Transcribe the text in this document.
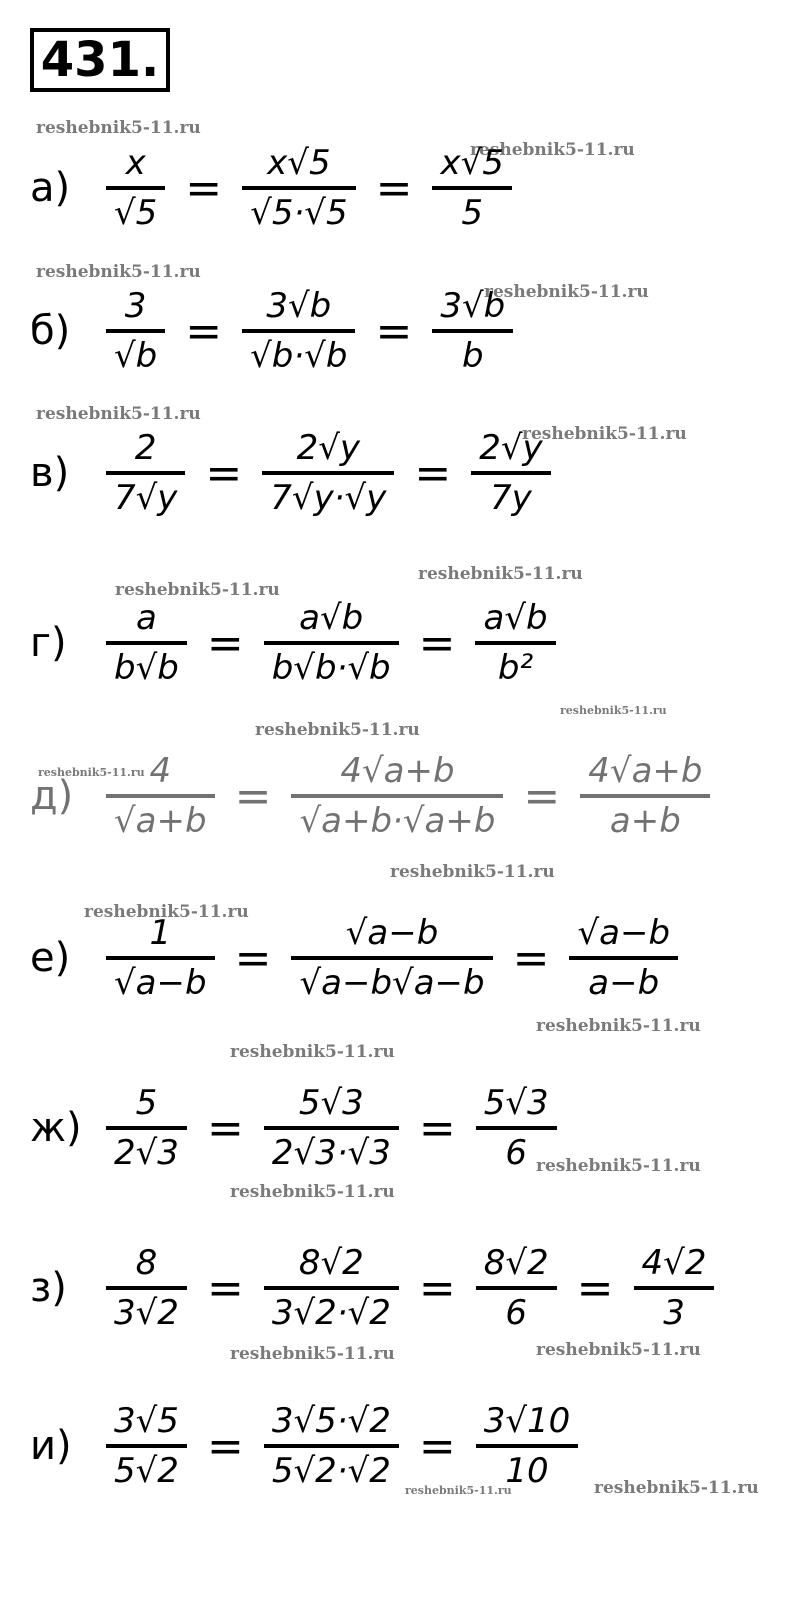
431.
reshebnik5-11.ru
reshebnik5-11.ru
reshebnik5-11.ru
reshebnik5-11.ru
reshebnik5-11.ru
reshebnik5-11.ru
reshebnik5-11.ru
reshebnik5-11.ru
reshebnik5-11.ru
reshebnik5-11.ru
reshebnik5-11.ru
reshebnik5-11.ru
reshebnik5-11.ru
reshebnik5-11.ru
reshebnik5-11.ru
reshebnik5-11.ru
reshebnik5-11.ru
reshebnik5-11.ru	reshebnik5-11.ru
reshebnik5-11.ru	reshebnik5-11.ru
а)	$\frac{x}{√5} = \frac{x√5}{√5\cdot√5} = \frac{x√5}{5}$
б)	$\frac{3}{√b} = \frac{3√b}{√b\cdot√b} = \frac{3√b}{b}$
в)	$\frac{2}{7√y} = \frac{2√y}{7√y\cdot√y} = \frac{2√y}{7y}$
г)	$\frac{a}{b√b} = \frac{a√b}{b√b\cdot√b} = \frac{a√b}{\text{b²}}$
$д) \frac{4}{√a+b} = \frac{4√a+b}{√a+b\cdot√a+b} = \frac{4√a+b}{a+b}$
е)	$\frac{1}{√a-b} = \frac{√a-b}{√a-b√a-b} = \frac{√a-b}{a-b}$
$ж) \frac{5}{2√3} = \frac{5√3}{2√3\cdot√3} = \frac{5√3}{6}$
з)	$\frac{8}{3√2} = \frac{8√2}{3√2\cdot√2} = \frac{8√2}{6} = \frac{4√2}{3}$
и)	$\frac{3√5}{5√2} = \frac{3√5\cdot√2}{5√2\cdot√2} = \frac{3√10}{10}$
